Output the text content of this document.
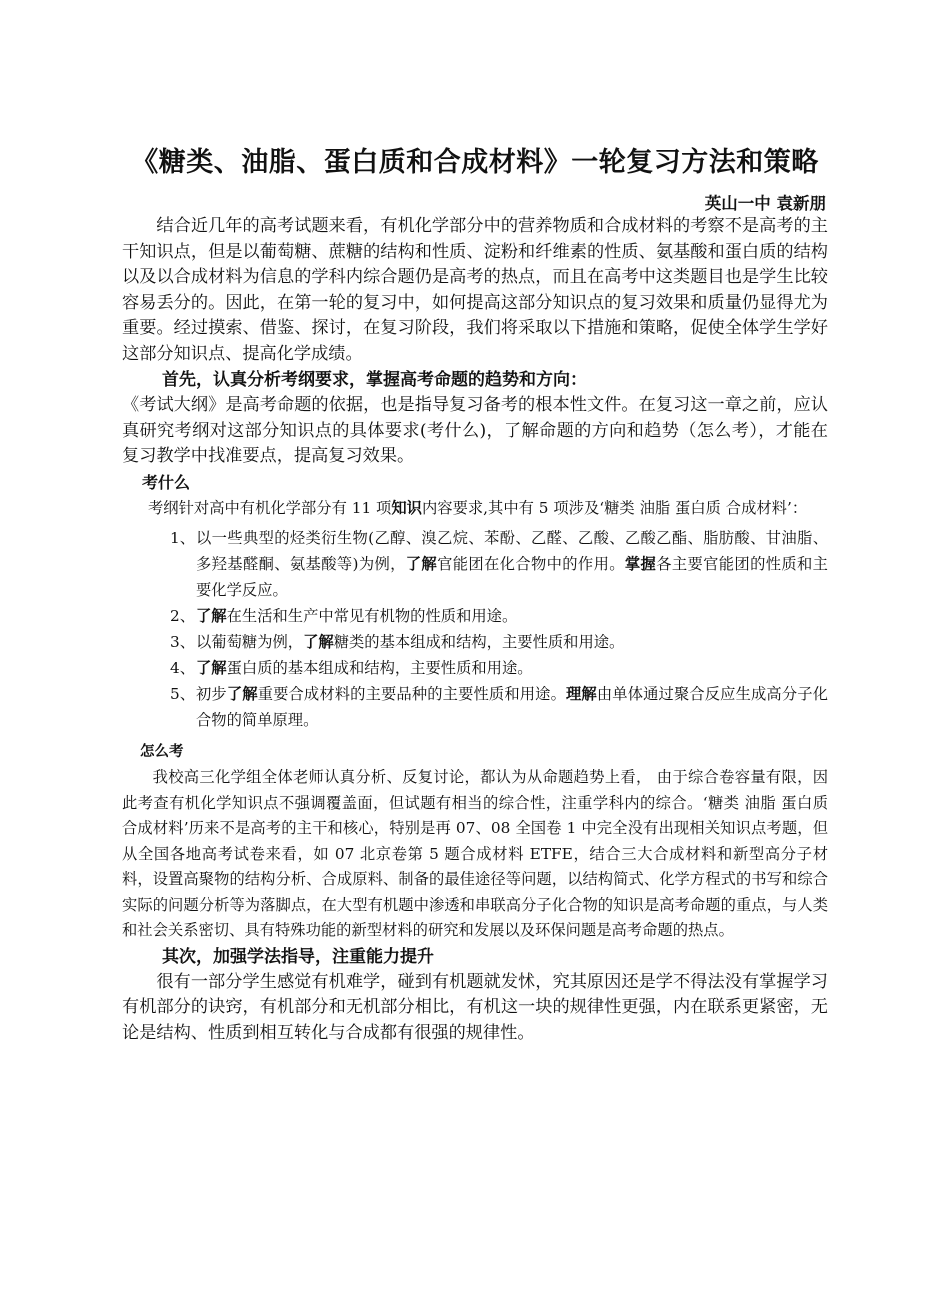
《糖类、油脂、蛋白质和合成材料》一轮复习方法和策略

英山一中 袁新朋

结合近几年的高考试题来看，有机化学部分中的营养物质和合成材料的考察不是高考的主干知识点，但是以葡萄糖、蔗糖的结构和性质、淀粉和纤维素的性质、氨基酸和蛋白质的结构以及以合成材料为信息的学科内综合题仍是高考的热点，而且在高考中这类题目也是学生比较容易丢分的。因此，在第一轮的复习中，如何提高这部分知识点的复习效果和质量仍显得尤为重要。经过摸索、借鉴、探讨，在复习阶段，我们将采取以下措施和策略，促使全体学生学好这部分知识点、提高化学成绩。

首先，认真分析考纲要求，掌握高考命题的趋势和方向：

《考试大纲》是高考命题的依据，也是指导复习备考的根本性文件。在复习这一章之前，应认真研究考纲对这部分知识点的具体要求(考什么)，了解命题的方向和趋势（怎么考），才能在复习教学中找准要点，提高复习效果。

考什么

考纲针对高中有机化学部分有 11 项知识内容要求,其中有 5 项涉及‘糖类 油脂 蛋白质 合成材料’：

1、 以一些典型的烃类衍生物(乙醇、溴乙烷、苯酚、乙醛、乙酸、乙酸乙酯、脂肪酸、甘油脂、多羟基醛酮、氨基酸等)为例，了解官能团在化合物中的作用。掌握各主要官能团的性质和主要化学反应。
2、 了解在生活和生产中常见有机物的性质和用途。
3、 以葡萄糖为例，了解糖类的基本组成和结构，主要性质和用途。
4、 了解蛋白质的基本组成和结构，主要性质和用途。
5、 初步了解重要合成材料的主要品种的主要性质和用途。理解由单体通过聚合反应生成高分子化合物的简单原理。

怎么考

我校高三化学组全体老师认真分析、反复讨论，都认为从命题趋势上看， 由于综合卷容量有限，因此考查有机化学知识点不强调覆盖面，但试题有相当的综合性，注重学科内的综合。‘糖类 油脂 蛋白质 合成材料’历来不是高考的主干和核心，特别是再 07、08 全国卷 1 中完全没有出现相关知识点考题，但从全国各地高考试卷来看，如 07 北京卷第 5 题合成材料 ETFE，结合三大合成材料和新型高分子材料，设置高聚物的结构分析、合成原料、制备的最佳途径等问题，以结构简式、化学方程式的书写和综合实际的问题分析等为落脚点，在大型有机题中渗透和串联高分子化合物的知识是高考命题的重点，与人类和社会关系密切、具有特殊功能的新型材料的研究和发展以及环保问题是高考命题的热点。

其次，加强学法指导，注重能力提升

很有一部分学生感觉有机难学，碰到有机题就发怵，究其原因还是学不得法没有掌握学习有机部分的诀窍，有机部分和无机部分相比，有机这一块的规律性更强，内在联系更紧密，无论是结构、性质到相互转化与合成都有很强的规律性。
